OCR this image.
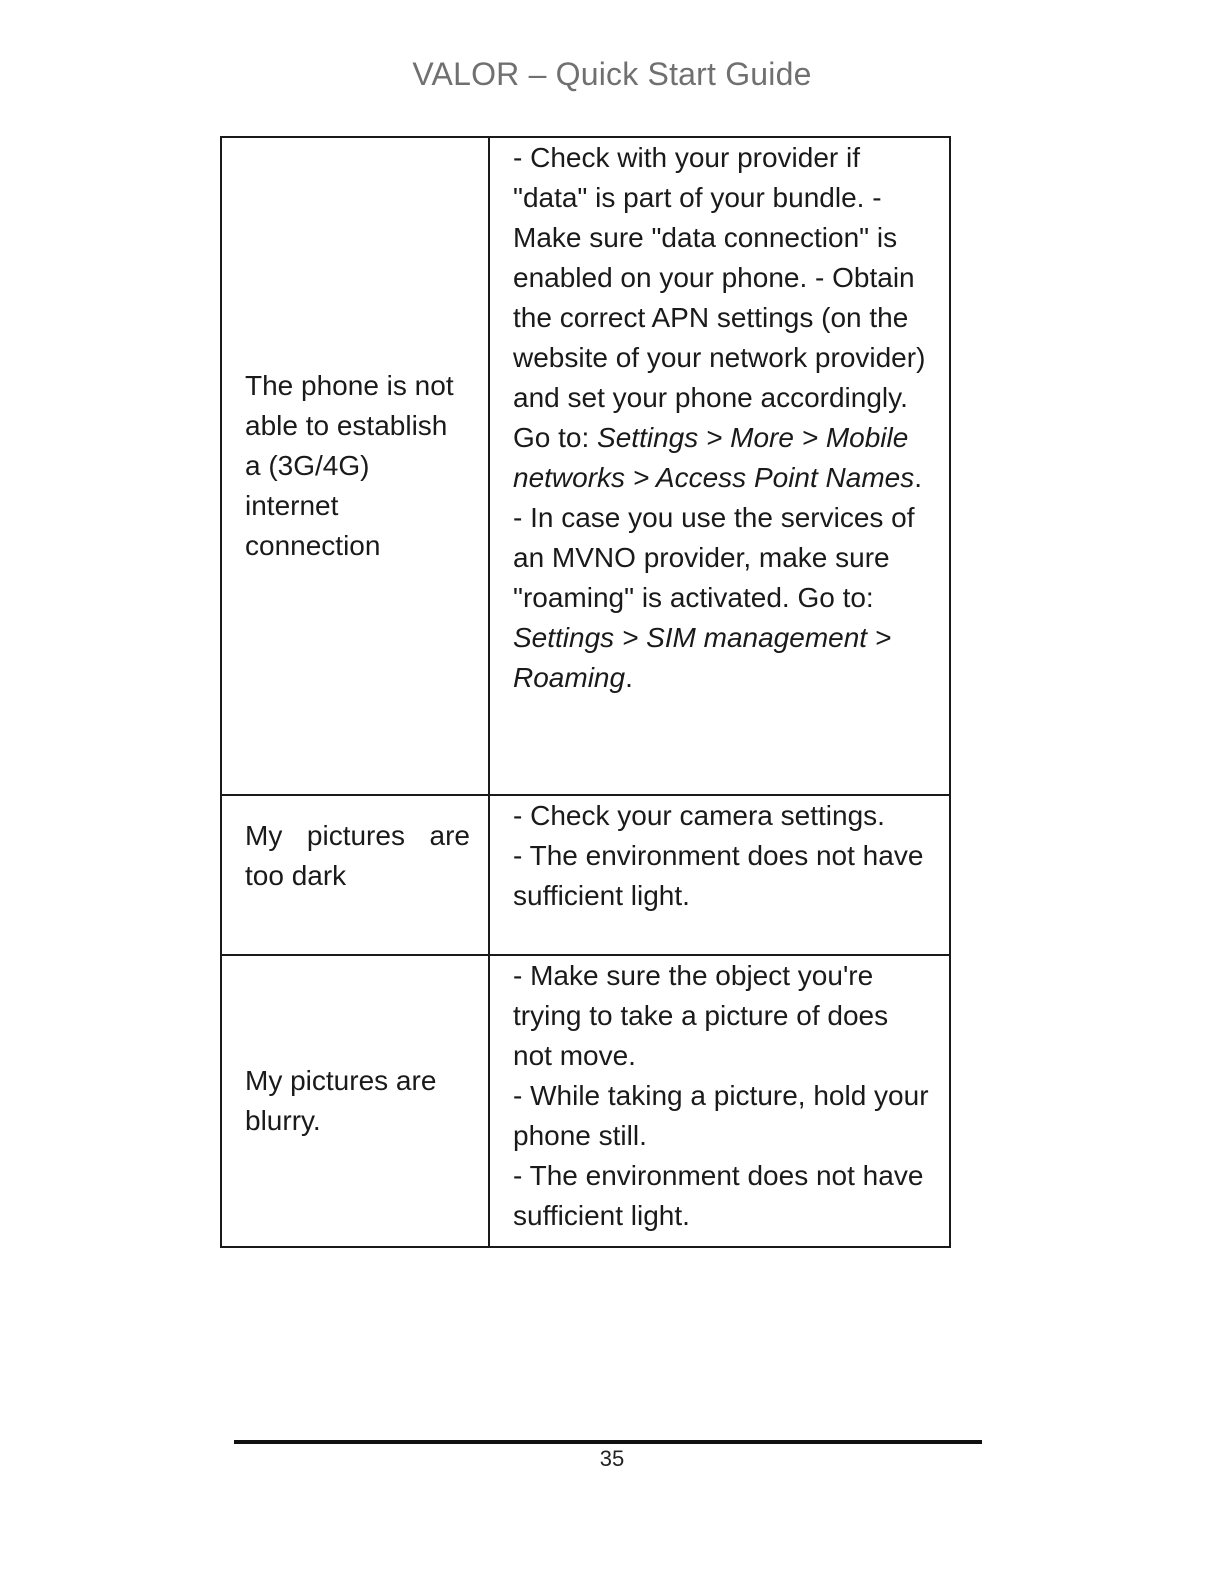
VALOR – Quick Start Guide
The phone is not able to establish a (3G/4G) internet connection	- Check with your provider if "data" is part of your bundle. - Make sure "data connection" is enabled on your phone. - Obtain the correct APN settings (on the website of your network provider) and set your phone accordingly. Go to: Settings > More > Mobile networks > Access Point Names.
- In case you use the services of an MVNO provider, make sure "roaming" is activated. Go to: Settings > SIM management > Roaming.

My pictures are
too dark	- Check your camera settings.
- The environment does not have sufficient light.

My pictures are blurry.	- Make sure the object you're trying to take a picture of does not move.
- While taking a picture, hold your phone still.
- The environment does not have sufficient light.
35
